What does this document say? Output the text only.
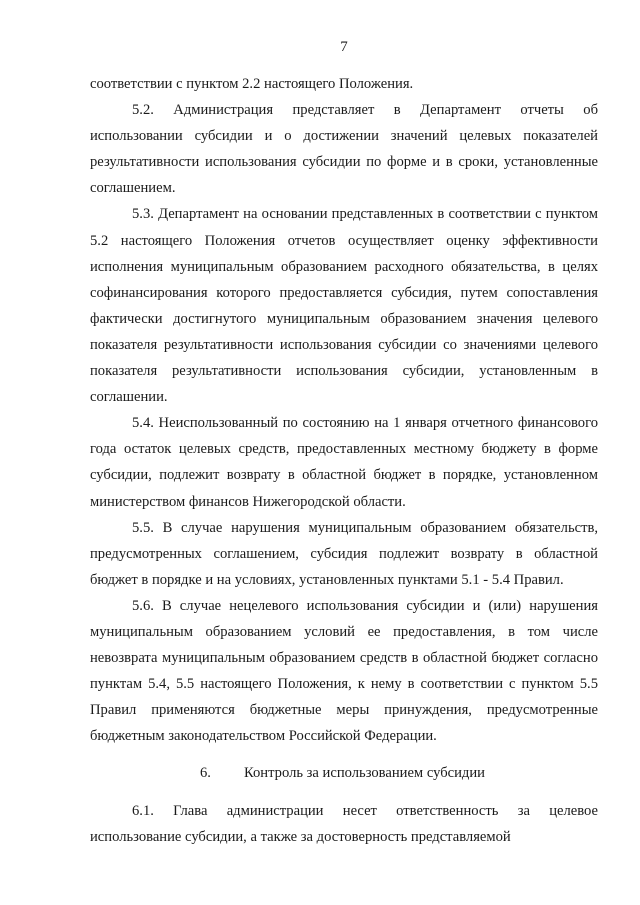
7

соответствии с пунктом 2.2 настоящего Положения.

5.2. Администрация представляет в Департамент отчеты об использовании субсидии и о достижении значений целевых показателей результативности использования субсидии по форме и в сроки, установленные соглашением.

5.3. Департамент на основании представленных в соответствии с пунктом 5.2 настоящего Положения отчетов осуществляет оценку эффективности исполнения муниципальным образованием расходного обязательства, в целях софинансирования которого предоставляется субсидия, путем сопоставления фактически достигнутого муниципальным образованием значения целевого показателя результативности использования субсидии со значениями целевого показателя результативности использования субсидии, установленным в соглашении.

5.4. Неиспользованный по состоянию на 1 января отчетного финансового года остаток целевых средств, предоставленных местному бюджету в форме субсидии, подлежит возврату в областной бюджет в порядке, установленном министерством финансов Нижегородской области.

5.5. В случае нарушения муниципальным образованием обязательств, предусмотренных соглашением, субсидия подлежит возврату в областной бюджет в порядке и на условиях, установленных пунктами 5.1 - 5.4 Правил.

5.6. В случае нецелевого использования субсидии и (или) нарушения муниципальным образованием условий ее предоставления, в том числе невозврата муниципальным образованием средств в областной бюджет согласно пунктам 5.4, 5.5 настоящего Положения, к нему в соответствии с пунктом 5.5 Правил применяются бюджетные меры принуждения, предусмотренные бюджетным законодательством Российской Федерации.

6. Контроль за использованием субсидии

6.1. Глава администрации несет ответственность за целевое использование субсидии, а также за достоверность представляемой
